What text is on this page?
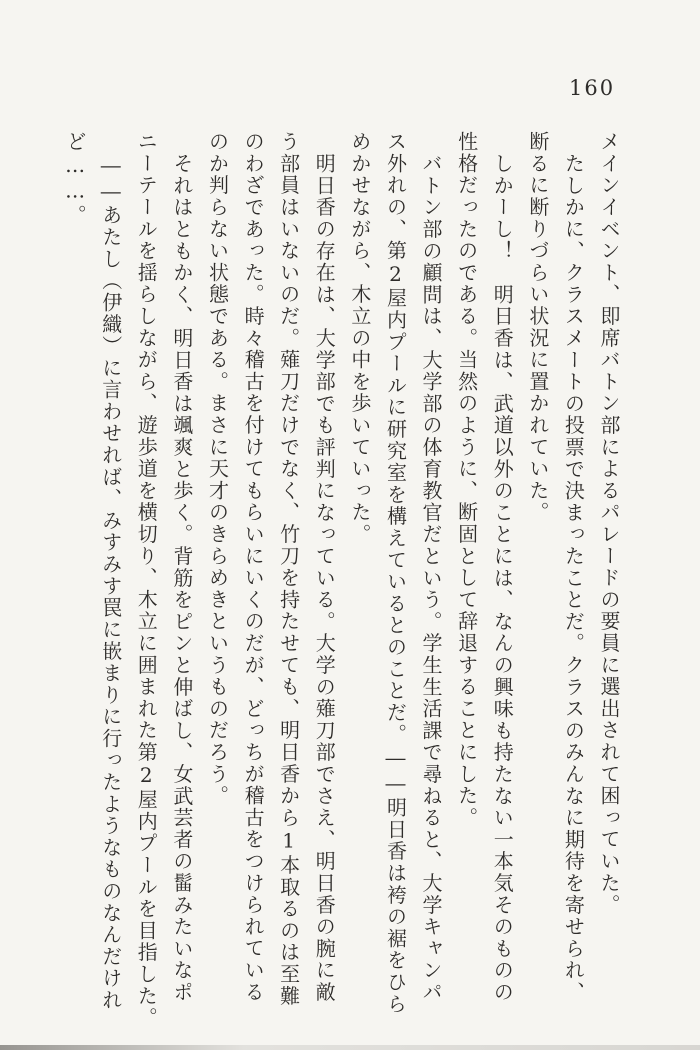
160
メインイベント、即席バトン部によるパレードの要員に選出されて困っていた。
たしかに、クラスメートの投票で決まったことだ。クラスのみんなに期待を寄せられ、
断るに断りづらい状況に置かれていた。
しかーし！　明日香は、武道以外のことには、なんの興味も持たない一本気そのものの
性格だったのである。当然のように、断固として辞退することにした。
バトン部の顧問は、大学部の体育教官だという。学生生活課で尋ねると、大学キャンパ
ス外れの、第2屋内プールに研究室を構えているとのことだ。――明日香は袴の裾をひら
めかせながら、木立の中を歩いていった。
明日香の存在は、大学部でも評判になっている。大学の薙刀部でさえ、明日香の腕に敵
う部員はいないのだ。薙刀だけでなく、竹刀を持たせても、明日香から1本取るのは至難
のわざであった。時々稽古を付けてもらいにいくのだが、どっちが稽古をつけられている
のか判らない状態である。まさに天才のきらめきというものだろう。
それはともかく、明日香は颯爽と歩く。背筋をピンと伸ばし、女武芸者の髷みたいなポ
ニーテールを揺らしながら、遊歩道を横切り、木立に囲まれた第2屋内プールを目指した。
――あたし（伊織）に言わせれば、みすみす罠に嵌まりに行ったようなものなんだけれ
ど……。
